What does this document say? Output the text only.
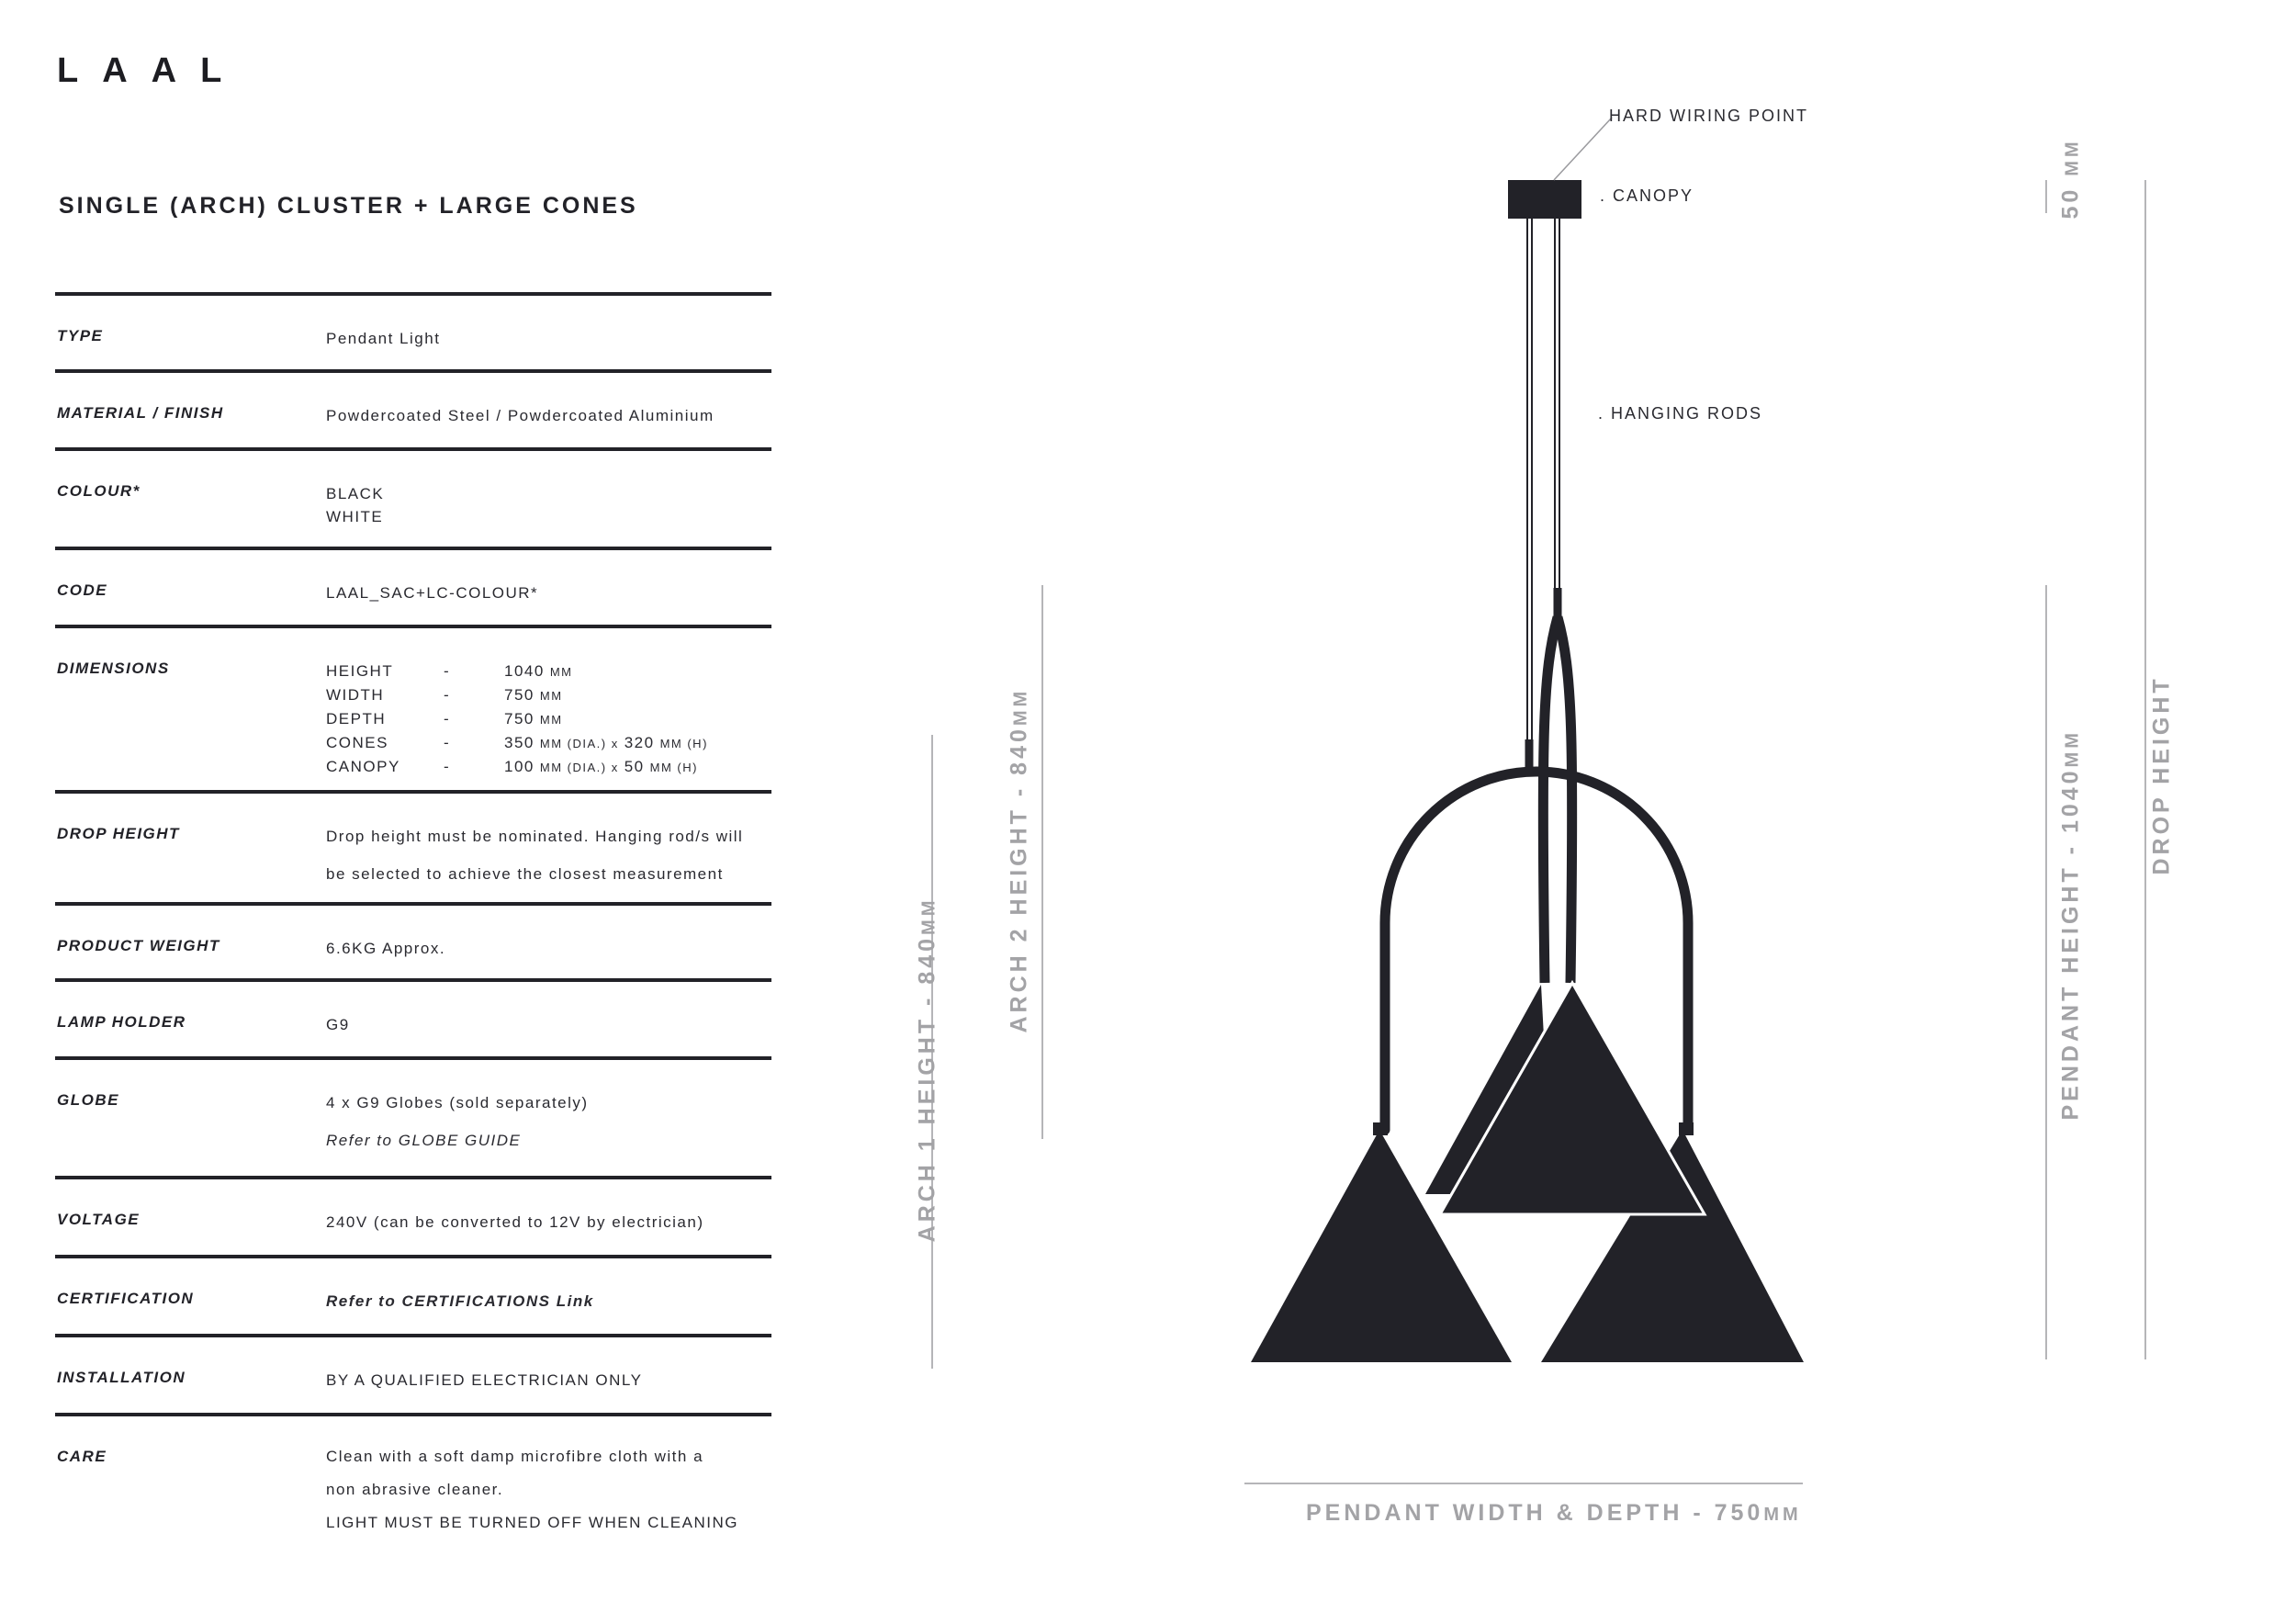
LAAL
SINGLE (ARCH) CLUSTER + LARGE CONES
TYPE	Pendant Light
MATERIAL / FINISH	Powdercoated Steel / Powdercoated Aluminium
COLOUR*	BLACK
WHITE
CODE	LAAL_SAC+LC-COLOUR*
DIMENSIONS	HEIGHT	-	1040 MM
WIDTH	-	750 MM
DEPTH	-	750 MM
CONES	-	350 MM (DIA.) x 320 MM (H)
CANOPY	-	100 MM (DIA.) x 50 MM (H)
DROP HEIGHT	Drop height must be nominated. Hanging rod/s will
be selected to achieve the closest measurement
PRODUCT WEIGHT	6.6KG Approx.
LAMP HOLDER	G9
GLOBE	4 x G9 Globes (sold separately)
Refer to GLOBE GUIDE
VOLTAGE	240V (can be converted to 12V by electrician)
CERTIFICATION	Refer to CERTIFICATIONS Link
INSTALLATION	BY A QUALIFIED ELECTRICIAN ONLY
CARE	Clean with a soft damp microfibre cloth with a
non abrasive cleaner.
LIGHT MUST BE TURNED OFF WHEN CLEANING
HARD WIRING POINT
. CANOPY
. HANGING RODS
ARCH 1 HEIGHT - 840MM	ARCH 2 HEIGHT - 840MM
50 MM
PENDANT HEIGHT - 1040MM	DROP HEIGHT
PENDANT WIDTH & DEPTH - 750MM
